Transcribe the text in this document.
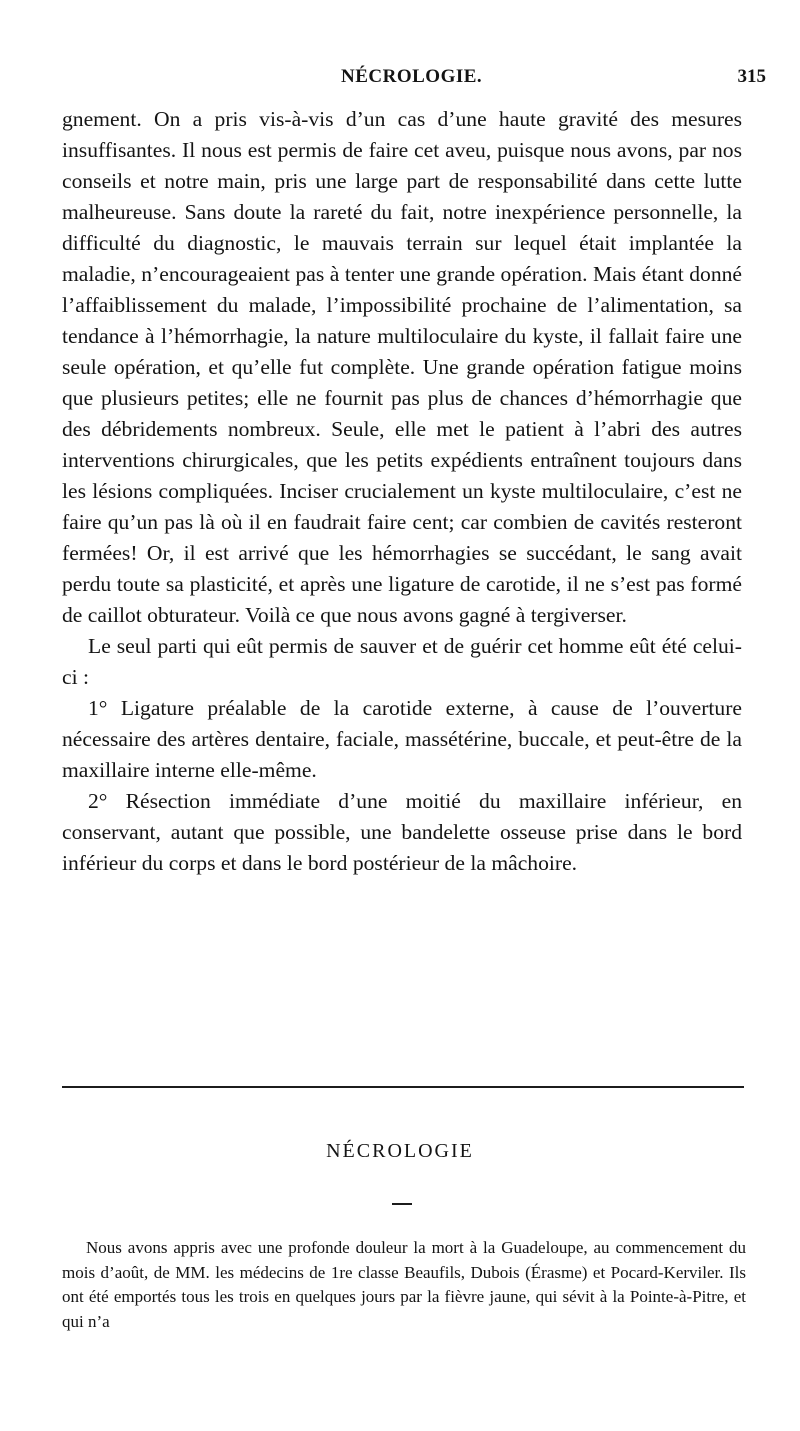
NÉCROLOGIE.	315

gnement. On a pris vis-à-vis d’un cas d’une haute gravité des mesures insuffisantes. Il nous est permis de faire cet aveu, puisque nous avons, par nos conseils et notre main, pris une large part de responsabilité dans cette lutte malheureuse. Sans doute la rareté du fait, notre inexpérience personnelle, la difficulté du diagnostic, le mauvais terrain sur lequel était implantée la maladie, n’encourageaient pas à tenter une grande opération. Mais étant donné l’affaiblissement du malade, l’impossibilité prochaine de l’alimentation, sa tendance à l’hémorrhagie, la nature multiloculaire du kyste, il fallait faire une seule opération, et qu’elle fut complète. Une grande opération fatigue moins que plusieurs petites; elle ne fournit pas plus de chances d’hémorrhagie que des débridements nombreux. Seule, elle met le patient à l’abri des autres interventions chirurgicales, que les petits expédients entraînent toujours dans les lésions compliquées. Inciser crucialement un kyste multiloculaire, c’est ne faire qu’un pas là où il en faudrait faire cent; car combien de cavités resteront fermées! Or, il est arrivé que les hémorrhagies se succédant, le sang avait perdu toute sa plasticité, et après une ligature de carotide, il ne s’est pas formé de caillot obturateur. Voilà ce que nous avons gagné à tergiverser.

Le seul parti qui eût permis de sauver et de guérir cet homme eût été celui-ci :

1° Ligature préalable de la carotide externe, à cause de l’ouverture nécessaire des artères dentaire, faciale, massétérine, buccale, et peut-être de la maxillaire interne elle-même.

2° Résection immédiate d’une moitié du maxillaire inférieur, en conservant, autant que possible, une bandelette osseuse prise dans le bord inférieur du corps et dans le bord postérieur de la mâchoire.

NÉCROLOGIE

Nous avons appris avec une profonde douleur la mort à la Guadeloupe, au commencement du mois d’août, de MM. les médecins de 1re classe Beaufils, Dubois (Érasme) et Pocard-Kerviler. Ils ont été emportés tous les trois en quelques jours par la fièvre jaune, qui sévit à la Pointe-à-Pitre, et qui n’a
